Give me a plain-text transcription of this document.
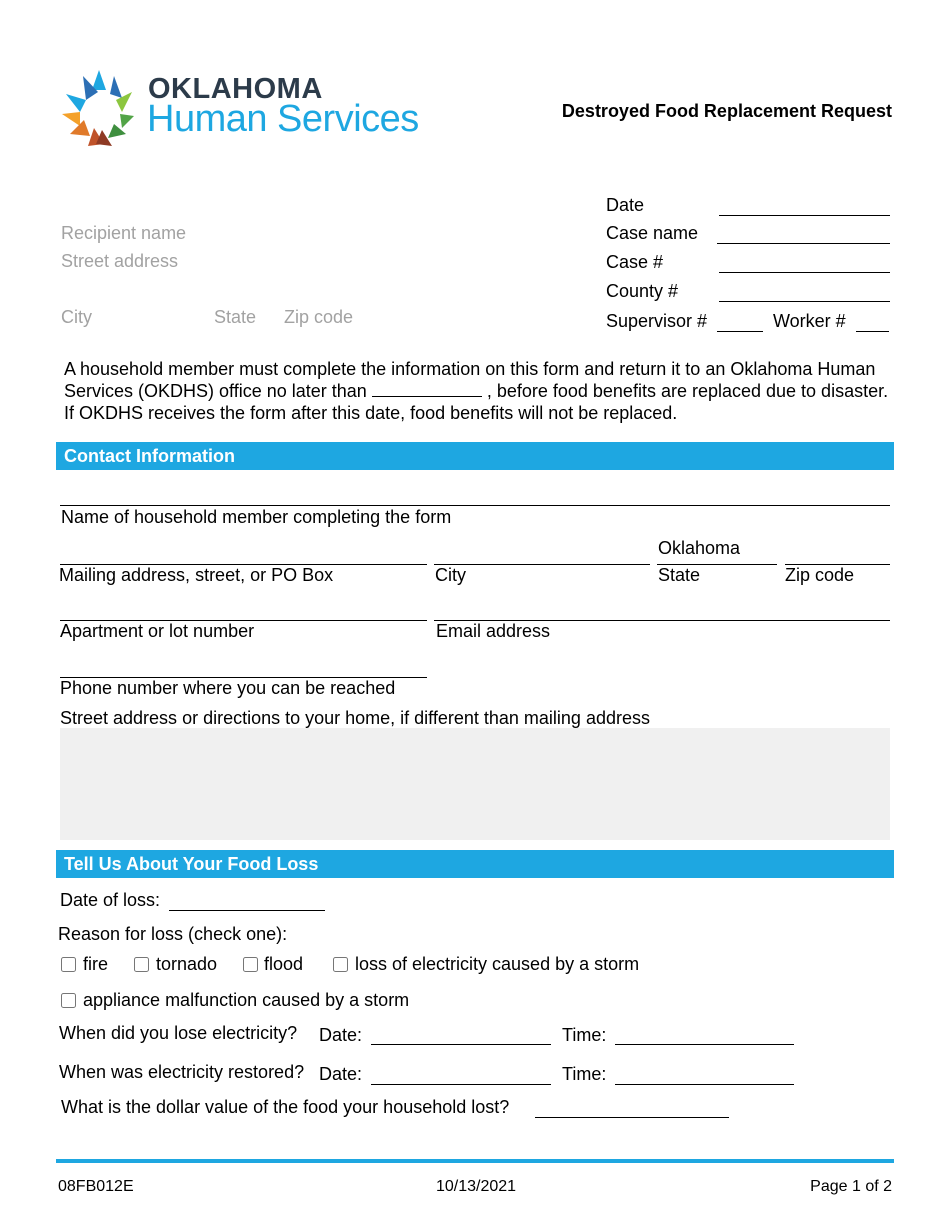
OKLAHOMA
Human Services	Destroyed Food Replacement Request
Recipient name
Street address
City	State Zip code
Date
Case name
Case #
County #
Supervisor #	Worker #
A household member must complete the information on this form and return it to an Oklahoma Human Services (OKDHS) office no later than	, before food benefits are replaced due to disaster. If OKDHS receives the form after this date, food benefits will not be replaced.
Contact Information
Name of household member completing the form
Mailing address, street, or PO Box	City
Oklahoma
State	Zip code
Apartment or lot number	Email address
Phone number where you can be reached
Street address or directions to your home, if different than mailing address
Tell Us About Your Food Loss
Date of loss:
Reason for loss (check one):
fire	tornado	flood	loss of electricity caused by a storm
appliance malfunction caused by a storm
When did you lose electricity? Date:	Time:
When was electricity restored? Date:	Time:
What is the dollar value of the food your household lost?
08FB012E	10/13/2021	Page 1 of 2
